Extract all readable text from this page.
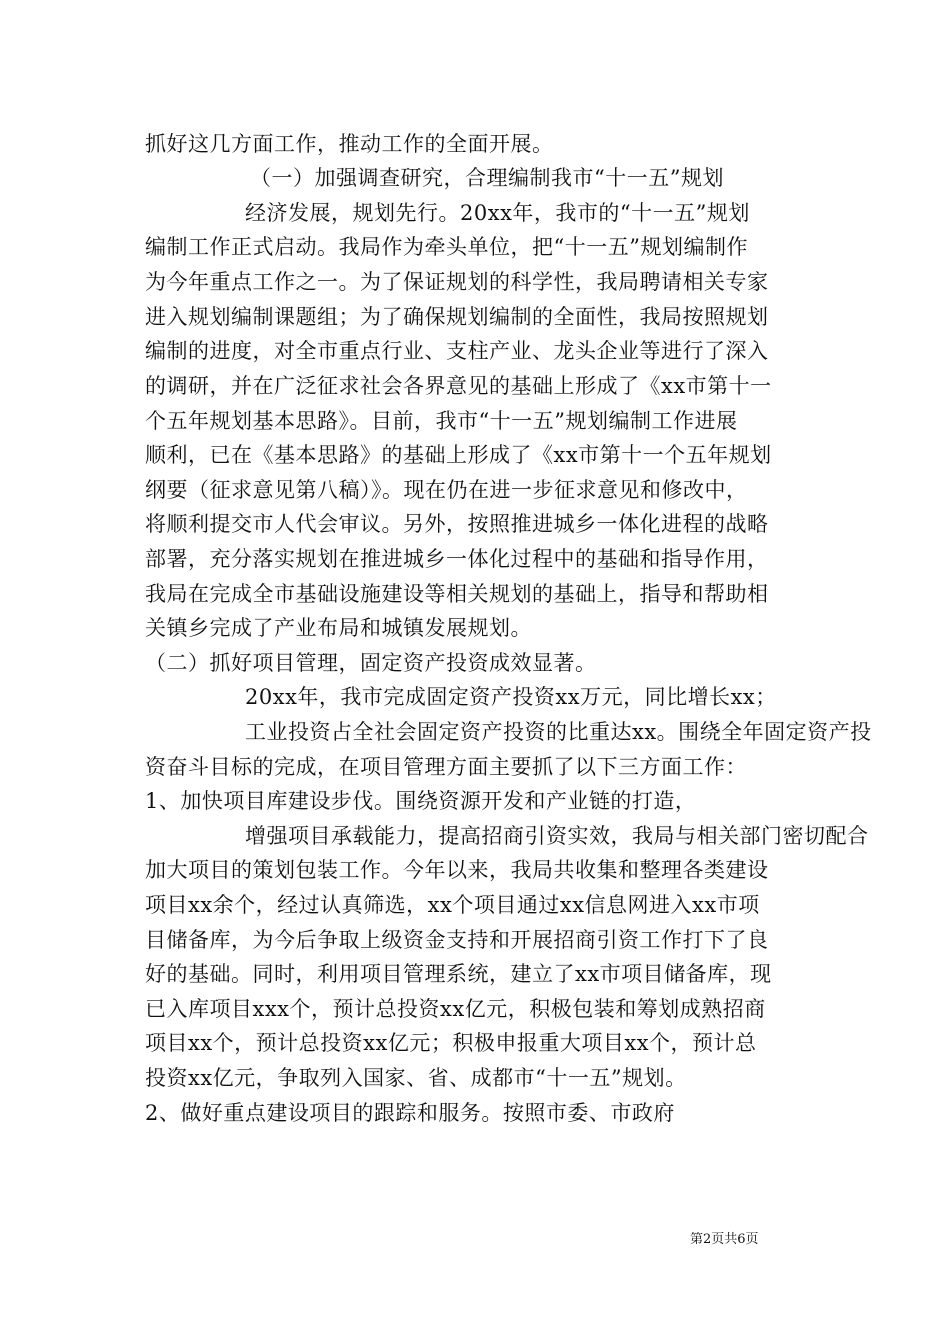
抓好这几方面工作，推动工作的全面开展。
（一）加强调查研究，合理编制我市“十一五”规划
经济发展，规划先行。20xx年，我市的“十一五”规划
编制工作正式启动。我局作为牵头单位，把“十一五”规划编制作
为今年重点工作之一。为了保证规划的科学性，我局聘请相关专家
进入规划编制课题组；为了确保规划编制的全面性，我局按照规划
编制的进度，对全市重点行业、支柱产业、龙头企业等进行了深入
的调研，并在广泛征求社会各界意见的基础上形成了《xx市第十一
个五年规划基本思路》。目前，我市“十一五”规划编制工作进展
顺利，已在《基本思路》的基础上形成了《xx市第十一个五年规划
纲要（征求意见第八稿）》。现在仍在进一步征求意见和修改中，
将顺利提交市人代会审议。另外，按照推进城乡一体化进程的战略
部署，充分落实规划在推进城乡一体化过程中的基础和指导作用，
我局在完成全市基础设施建设等相关规划的基础上，指导和帮助相
关镇乡完成了产业布局和城镇发展规划。
（二）抓好项目管理，固定资产投资成效显著。
20xx年，我市完成固定资产投资xx万元，同比增长xx；
工业投资占全社会固定资产投资的比重达xx。围绕全年固定资产投
资奋斗目标的完成，在项目管理方面主要抓了以下三方面工作：
1、加快项目库建设步伐。围绕资源开发和产业链的打造，
增强项目承载能力，提高招商引资实效，我局与相关部门密切配合
加大项目的策划包装工作。今年以来，我局共收集和整理各类建设
项目xx余个，经过认真筛选，xx个项目通过xx信息网进入xx市项
目储备库，为今后争取上级资金支持和开展招商引资工作打下了良
好的基础。同时，利用项目管理系统，建立了xx市项目储备库，现
已入库项目xxx个，预计总投资xx亿元，积极包装和筹划成熟招商
项目xx个，预计总投资xx亿元；积极申报重大项目xx个，预计总
投资xx亿元，争取列入国家、省、成都市“十一五”规划。
2、做好重点建设项目的跟踪和服务。按照市委、市政府
第2页共6页
